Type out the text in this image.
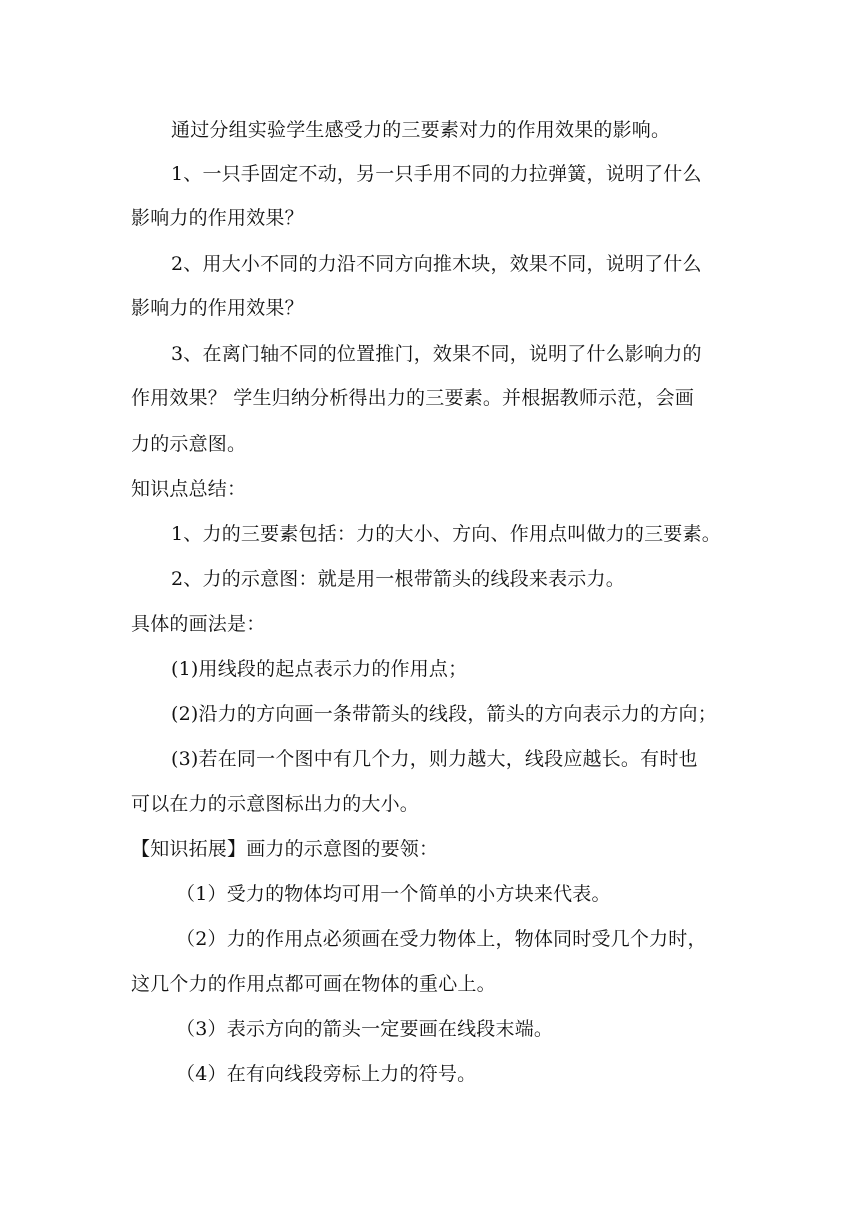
通过分组实验学生感受力的三要素对力的作用效果的影响。
1、一只手固定不动，另一只手用不同的力拉弹簧，说明了什么
影响力的作用效果？
2、用大小不同的力沿不同方向推木块，效果不同，说明了什么
影响力的作用效果？
3、在离门轴不同的位置推门，效果不同，说明了什么影响力的
作用效果？ 学生归纳分析得出力的三要素。并根据教师示范，会画
力的示意图。
知识点总结：
1、力的三要素包括：力的大小、方向、作用点叫做力的三要素。
2、力的示意图：就是用一根带箭头的线段来表示力。
具体的画法是：
(1)用线段的起点表示力的作用点；
(2)沿力的方向画一条带箭头的线段，箭头的方向表示力的方向；
(3)若在同一个图中有几个力，则力越大，线段应越长。有时也
可以在力的示意图标出力的大小。
【知识拓展】画力的示意图的要领：
（1）受力的物体均可用一个简单的小方块来代表。
（2）力的作用点必须画在受力物体上，物体同时受几个力时，
这几个力的作用点都可画在物体的重心上。
（3）表示方向的箭头一定要画在线段末端。
（4）在有向线段旁标上力的符号。
